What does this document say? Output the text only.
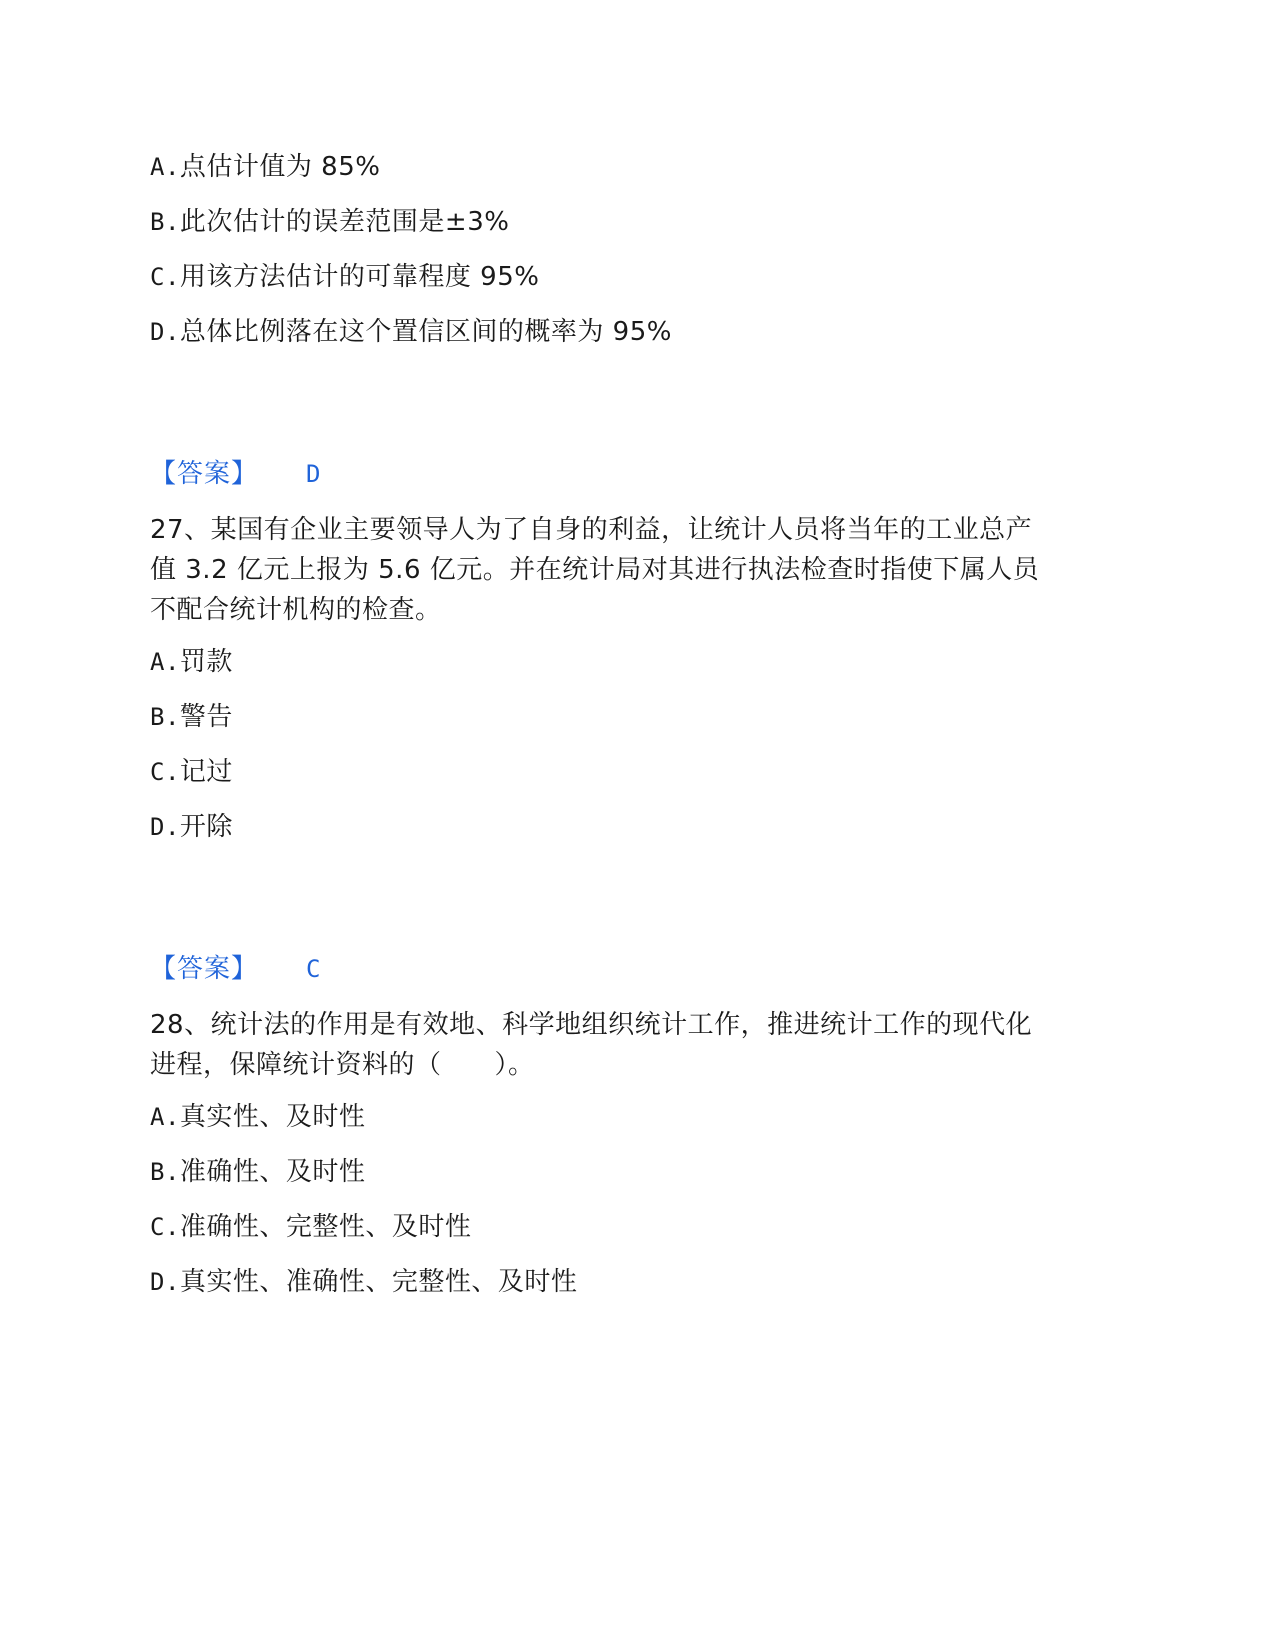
A.点估计值为 85%
B.此次估计的误差范围是±3%
C.用该方法估计的可靠程度 95%
D.总体比例落在这个置信区间的概率为 95%
【答案】 D
27、某国有企业主要领导人为了自身的利益，让统计人员将当年的工业总产
值 3.2 亿元上报为 5.6 亿元。并在统计局对其进行执法检查时指使下属人员
不配合统计机构的检查。
A.罚款
B.警告
C.记过
D.开除
【答案】 C
28、统计法的作用是有效地、科学地组织统计工作，推进统计工作的现代化
进程，保障统计资料的（　　）。
A.真实性、及时性
B.准确性、及时性
C.准确性、完整性、及时性
D.真实性、准确性、完整性、及时性
